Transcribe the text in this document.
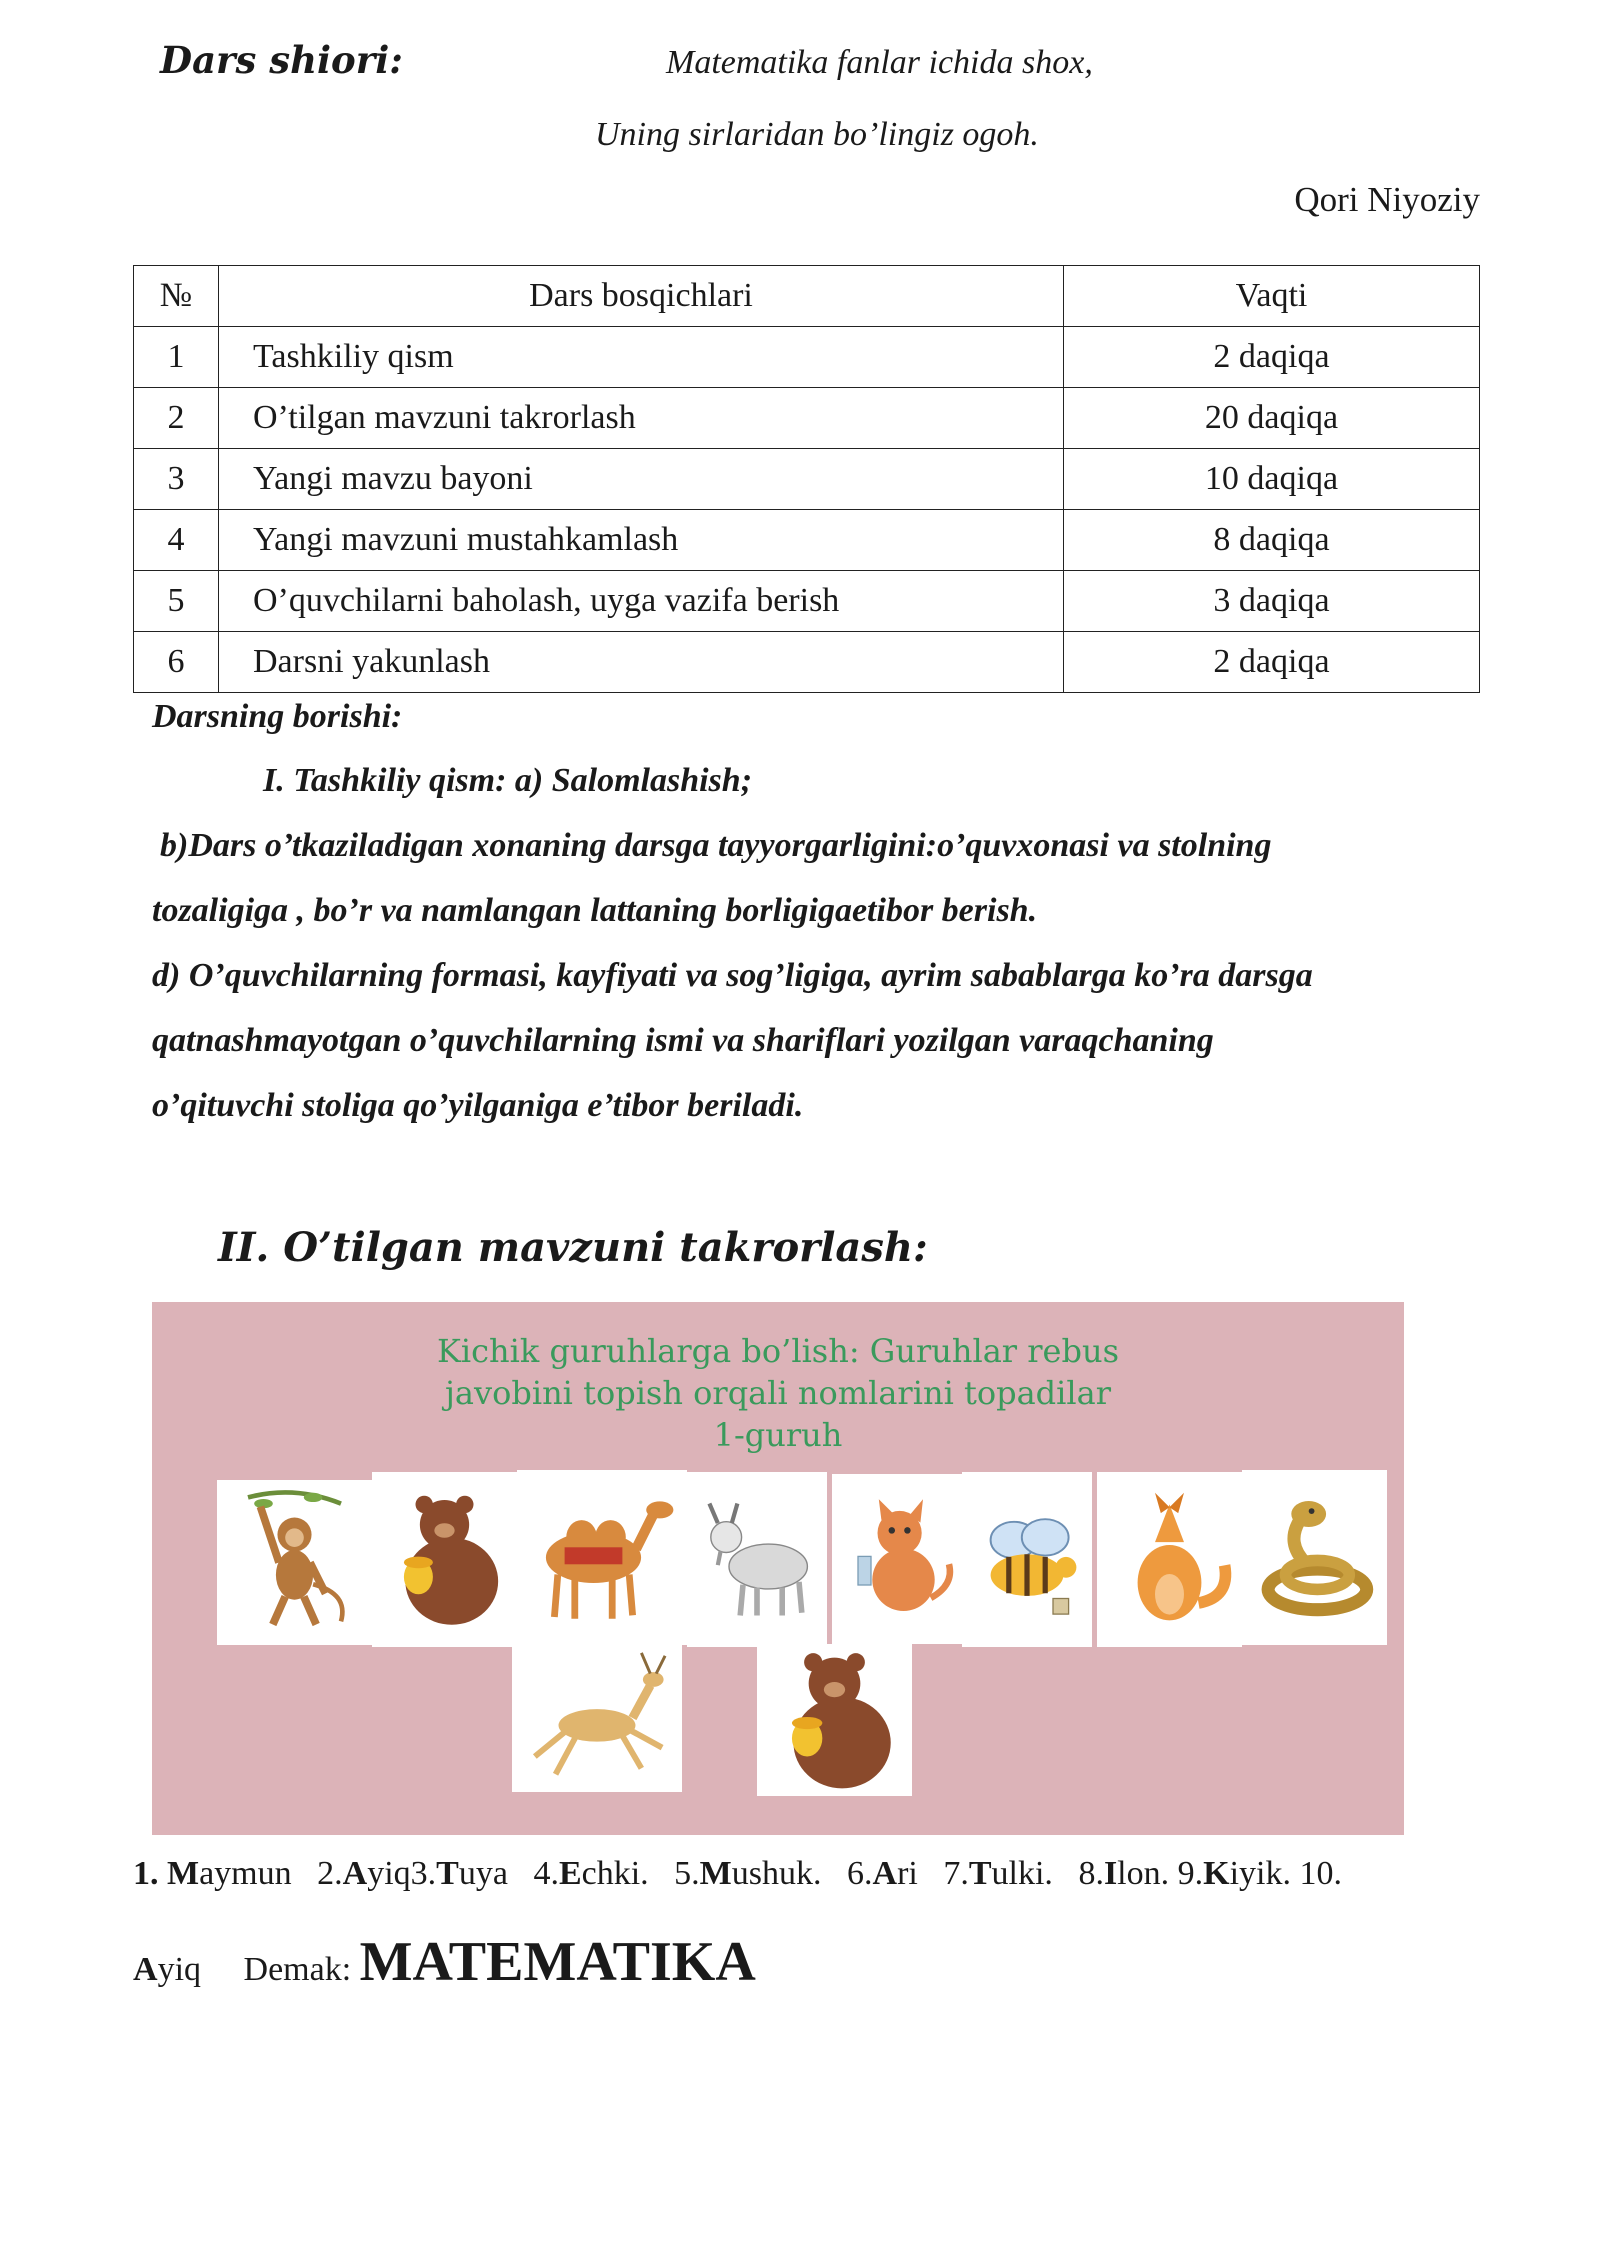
Dars shiori:	Matematika fanlar ichida shox,
Uning sirlaridan bo’lingiz ogoh.
Qori Niyoziy
№	Dars bosqichlari	Vaqti
1	Tashkiliy qism	2 daqiqa
2	O’tilgan mavzuni takrorlash	20 daqiqa
3	Yangi mavzu bayoni	10 daqiqa
4	Yangi mavzuni mustahkamlash	8 daqiqa
5	O’quvchilarni baholash, uyga vazifa berish	3 daqiqa
6	Darsni yakunlash	2 daqiqa
Darsning borishi:
I. Tashkiliy qism: a) Salomlashish;
b)Dars o’tkaziladigan xonaning darsga tayyorgarligini:o’quvxonasi va stolning
tozaligiga , bo’r va namlangan lattaning borligigaetibor berish.
d) O’quvchilarning formasi, kayfiyati va sog’ligiga, ayrim sabablarga ko’ra darsga
qatnashmayotgan o’quvchilarning ismi va shariflari yozilgan varaqchaning
o’qituvchi stoliga qo’yilganiga e’tibor beriladi.
II. O’tilgan mavzuni takrorlash:
Kichik guruhlarga bo’lish: Guruhlar rebus
javobini topish orqali nomlarini topadilar
1-guruh
1. Maymun 2.Ayiq3.Tuya 4.Echki. 5.Mushuk. 6.Ari 7.Tulki. 8.Ilon. 9.Kiyik. 10.
Ayiq Demak: MATEMATIKA
